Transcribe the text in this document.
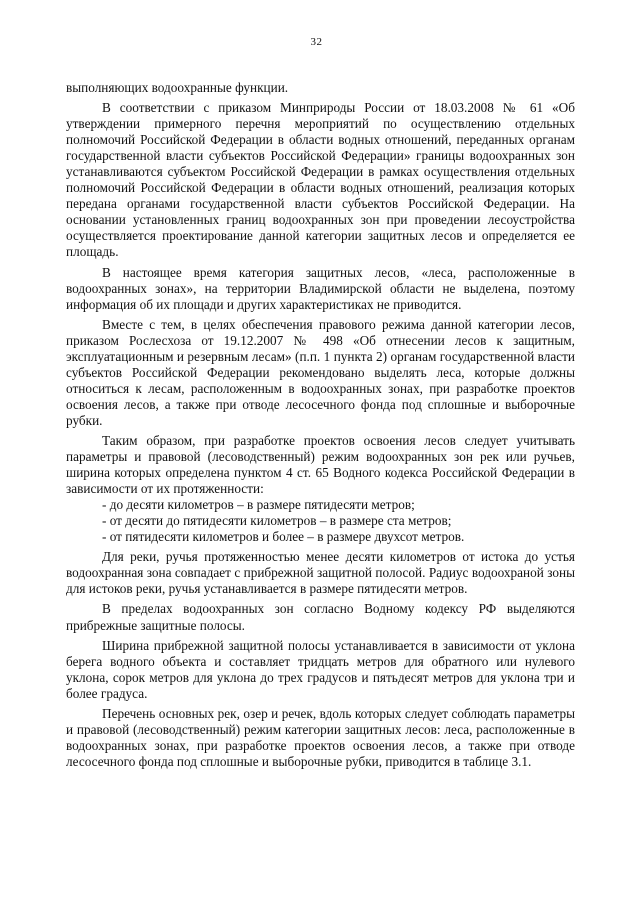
32

выполняющих водоохранные функции.

В соответствии с приказом Минприроды России от 18.03.2008 № 61 «Об утверждении примерного перечня мероприятий по осуществлению отдельных полномочий Российской Федерации в области водных отношений, переданных органам государственной власти субъектов Российской Федерации» границы водоохранных зон устанавливаются субъектом Российской Федерации в рамках осуществления отдельных полномочий Российской Федерации в области водных отношений, реализация которых передана органами государственной власти субъектов Российской Федерации. На основании установленных границ водоохранных зон при проведении лесоустройства осуществляется проектирование данной категории защитных лесов и определяется ее площадь.

В настоящее время категория защитных лесов, «леса, расположенные в водоохранных зонах», на территории Владимирской области не выделена, поэтому информация об их площади и других характеристиках не приводится.

Вместе с тем, в целях обеспечения правового режима данной категории лесов, приказом Рослесхоза от 19.12.2007 № 498 «Об отнесении лесов к защитным, эксплуатационным и резервным лесам» (п.п. 1 пункта 2) органам государственной власти субъектов Российской Федерации рекомендовано выделять леса, которые должны относиться к лесам, расположенным в водоохранных зонах, при разработке проектов освоения лесов, а также при отводе лесосечного фонда под сплошные и выборочные рубки.

Таким образом, при разработке проектов освоения лесов следует учитывать параметры и правовой (лесоводственный) режим водоохранных зон рек или ручьев, ширина которых определена пунктом 4 ст. 65 Водного кодекса Российской Федерации в зависимости от их протяженности:

- до десяти километров – в размере пятидесяти метров;
- от десяти до пятидесяти километров – в размере ста метров;
- от пятидесяти километров и более – в размере двухсот метров.

Для реки, ручья протяженностью менее десяти километров от истока до устья водоохранная зона совпадает с прибрежной защитной полосой. Радиус водоохраной зоны для истоков реки, ручья устанавливается в размере пятидесяти метров.

В пределах водоохранных зон согласно Водному кодексу РФ выделяются прибрежные защитные полосы.

Ширина прибрежной защитной полосы устанавливается в зависимости от уклона берега водного объекта и составляет тридцать метров для обратного или нулевого уклона, сорок метров для уклона до трех градусов и пятьдесят метров для уклона три и более градуса.

Перечень основных рек, озер и речек, вдоль которых следует соблюдать параметры и правовой (лесоводственный) режим категории защитных лесов: леса, расположенные в водоохранных зонах, при разработке проектов освоения лесов, а также при отводе лесосечного фонда под сплошные и выборочные рубки, приводится в таблице 3.1.
